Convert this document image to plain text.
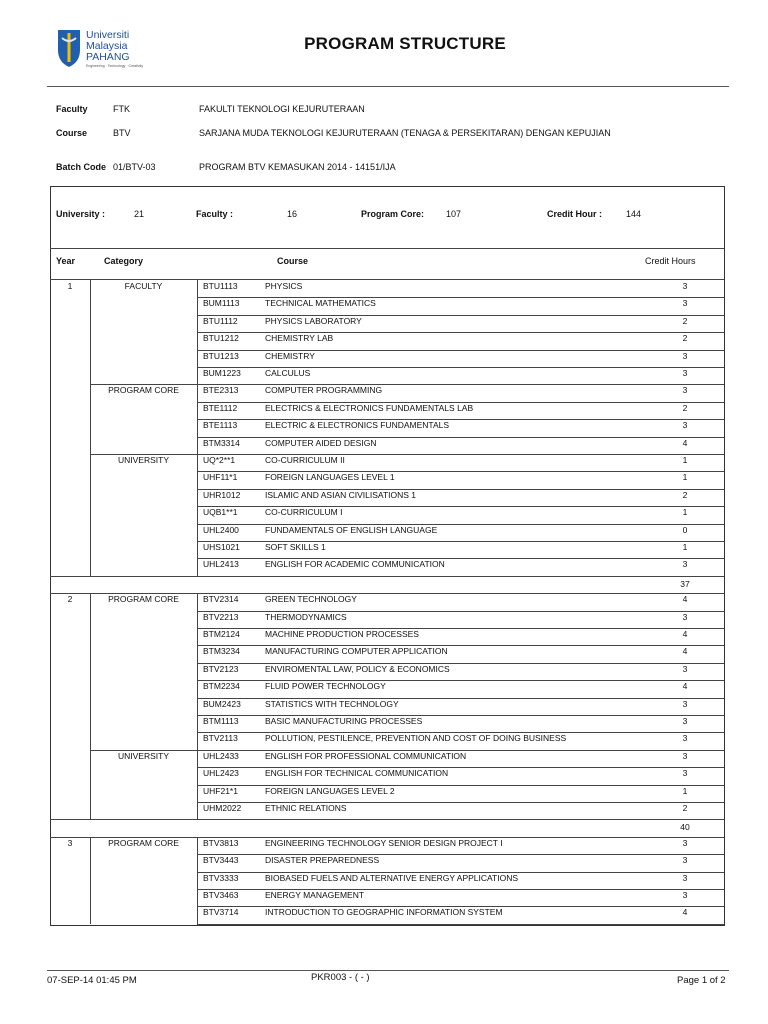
Universiti
Malaysia
PAHANG
Engineering · Technology · Creativity
PROGRAM STRUCTURE
Faculty	FTK	FAKULTI TEKNOLOGI KEJURUTERAAN
Course	BTV	SARJANA MUDA TEKNOLOGI KEJURUTERAAN (TENAGA & PERSEKITARAN) DENGAN KEPUJIAN
Batch Code 01/BTV-03	PROGRAM BTV KEMASUKAN 2014 - 14151/IJA
University :	21	Faculty :	16	Program Core: 107	Credit Hour :	144
Year	Category	Course	Credit Hours
1	FACULTY	BTU1113	PHYSICS	3
BUM1113	TECHNICAL MATHEMATICS	3
BTU1112	PHYSICS LABORATORY	2
BTU1212	CHEMISTRY LAB	2
BTU1213	CHEMISTRY	3
BUM1223	CALCULUS	3
PROGRAM CORE	BTE2313	COMPUTER PROGRAMMING	3
BTE1112	ELECTRICS & ELECTRONICS FUNDAMENTALS LAB	2
BTE1113	ELECTRIC & ELECTRONICS FUNDAMENTALS	3
BTM3314	COMPUTER AIDED DESIGN	4
UNIVERSITY	UQ*2**1	CO-CURRICULUM II	1
UHF11*1	FOREIGN LANGUAGES LEVEL 1	1
UHR1012	ISLAMIC AND ASIAN CIVILISATIONS 1	2
UQB1**1	CO-CURRICULUM I	1
UHL2400	FUNDAMENTALS OF ENGLISH LANGUAGE	0
UHS1021	SOFT SKILLS 1	1
UHL2413	ENGLISH FOR ACADEMIC COMMUNICATION	3
37
2	PROGRAM CORE	BTV2314	GREEN TECHNOLOGY	4
BTV2213	THERMODYNAMICS	3
BTM2124	MACHINE PRODUCTION PROCESSES	4
BTM3234	MANUFACTURING COMPUTER APPLICATION	4
BTV2123	ENVIROMENTAL LAW, POLICY & ECONOMICS	3
BTM2234	FLUID POWER TECHNOLOGY	4
BUM2423	STATISTICS WITH TECHNOLOGY	3
BTM1113	BASIC MANUFACTURING PROCESSES	3
BTV2113	POLLUTION, PESTILENCE, PREVENTION AND COST OF DOING BUSINESS	3
UNIVERSITY	UHL2433	ENGLISH FOR PROFESSIONAL COMMUNICATION	3
UHL2423	ENGLISH FOR TECHNICAL COMMUNICATION	3
UHF21*1	FOREIGN LANGUAGES LEVEL 2	1
UHM2022	ETHNIC RELATIONS	2
40
3	PROGRAM CORE	BTV3813	ENGINEERING TECHNOLOGY SENIOR DESIGN PROJECT I	3
BTV3443	DISASTER PREPAREDNESS	3
BTV3333	BIOBASED FUELS AND ALTERNATIVE ENERGY APPLICATIONS	3
BTV3463	ENERGY MANAGEMENT	3
BTV3714	INTRODUCTION TO GEOGRAPHIC INFORMATION SYSTEM	4
07-SEP-14 01:45 PM	PKR003 - ( - )	Page 1 of 2
